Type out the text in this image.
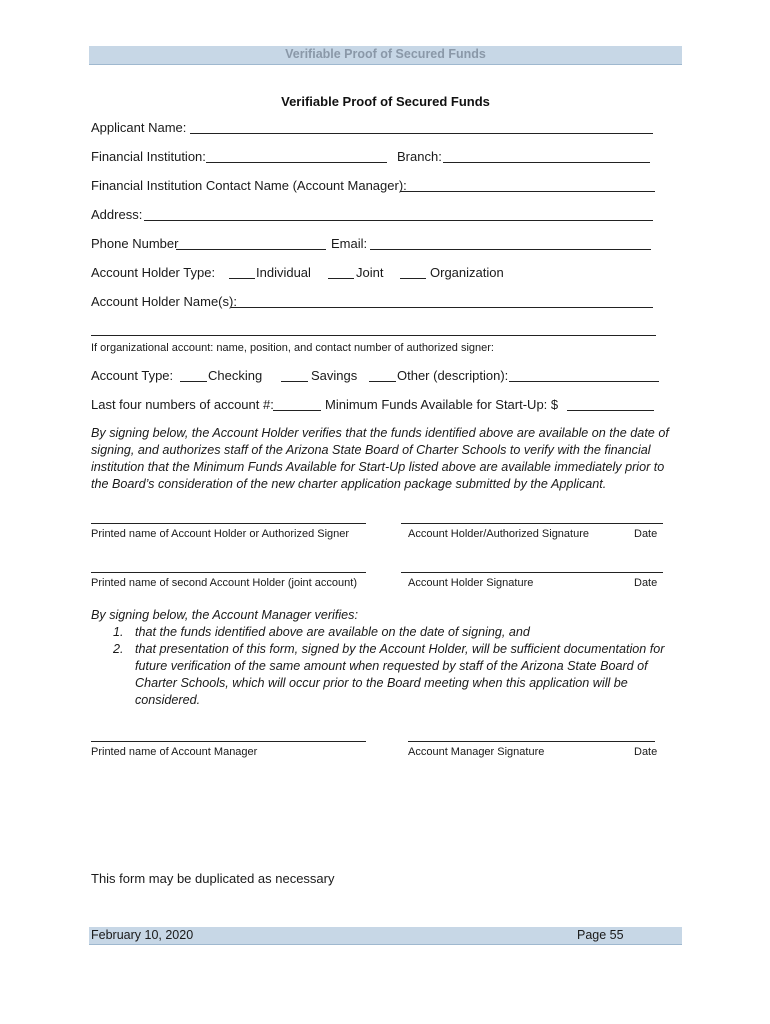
Verifiable Proof of Secured Funds
Verifiable Proof of Secured Funds
Applicant Name:
Financial Institution:	Branch:
Financial Institution Contact Name (Account Manager):
Address:
Phone Number	Email:
Account Holder Type:	Individual	Joint	Organization
Account Holder Name(s):
If organizational account: name, position, and contact number of authorized signer:
Account Type:	Checking	Savings	Other (description):
Last four numbers of account #:	Minimum Funds Available for Start-Up: $
By signing below, the Account Holder verifies that the funds identified above are available on the date of signing, and authorizes staff of the Arizona State Board of Charter Schools to verify with the financial institution that the Minimum Funds Available for Start-Up listed above are available immediately prior to the Board’s consideration of the new charter application package submitted by the Applicant.
Printed name of Account Holder or Authorized Signer	Account Holder/Authorized Signature	Date
Printed name of second Account Holder (joint account)	Account Holder Signature	Date
By signing below, the Account Manager verifies:
1. that the funds identified above are available on the date of signing, and
2. that presentation of this form, signed by the Account Holder, will be sufficient documentation for future verification of the same amount when requested by staff of the Arizona State Board of Charter Schools, which will occur prior to the Board meeting when this application will be considered.
Printed name of Account Manager	Account Manager Signature	Date
This form may be duplicated as necessary
February 10, 2020	Page 55
